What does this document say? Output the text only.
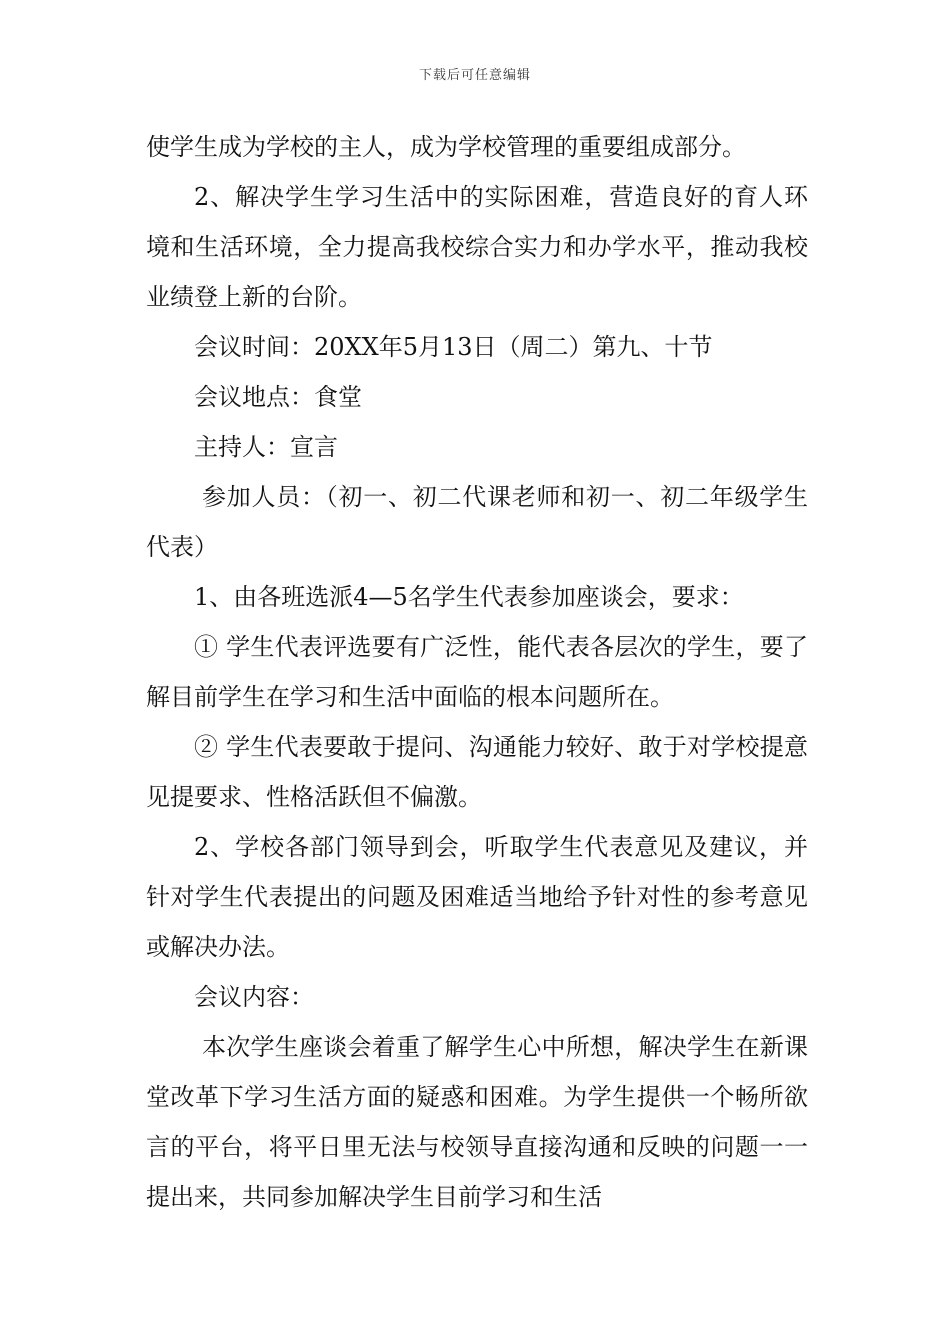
下载后可任意编辑

使学生成为学校的主人，成为学校管理的重要组成部分。

2、解决学生学习生活中的实际困难，营造良好的育人环境和生活环境，全力提高我校综合实力和办学水平，推动我校业绩登上新的台阶。

会议时间：20XX年5月13日（周二）第九、十节

会议地点：食堂

主持人：宣言

参加人员：（初一、初二代课老师和初一、初二年级学生代表）

1、由各班选派4—5名学生代表参加座谈会，要求：

① 学生代表评选要有广泛性，能代表各层次的学生，要了解目前学生在学习和生活中面临的根本问题所在。

② 学生代表要敢于提问、沟通能力较好、敢于对学校提意见提要求、性格活跃但不偏激。

2、学校各部门领导到会，听取学生代表意见及建议，并针对学生代表提出的问题及困难适当地给予针对性的参考意见或解决办法。

会议内容：

本次学生座谈会着重了解学生心中所想，解决学生在新课堂改革下学习生活方面的疑惑和困难。为学生提供一个畅所欲言的平台，将平日里无法与校领导直接沟通和反映的问题一一提出来，共同参加解决学生目前学习和生活
